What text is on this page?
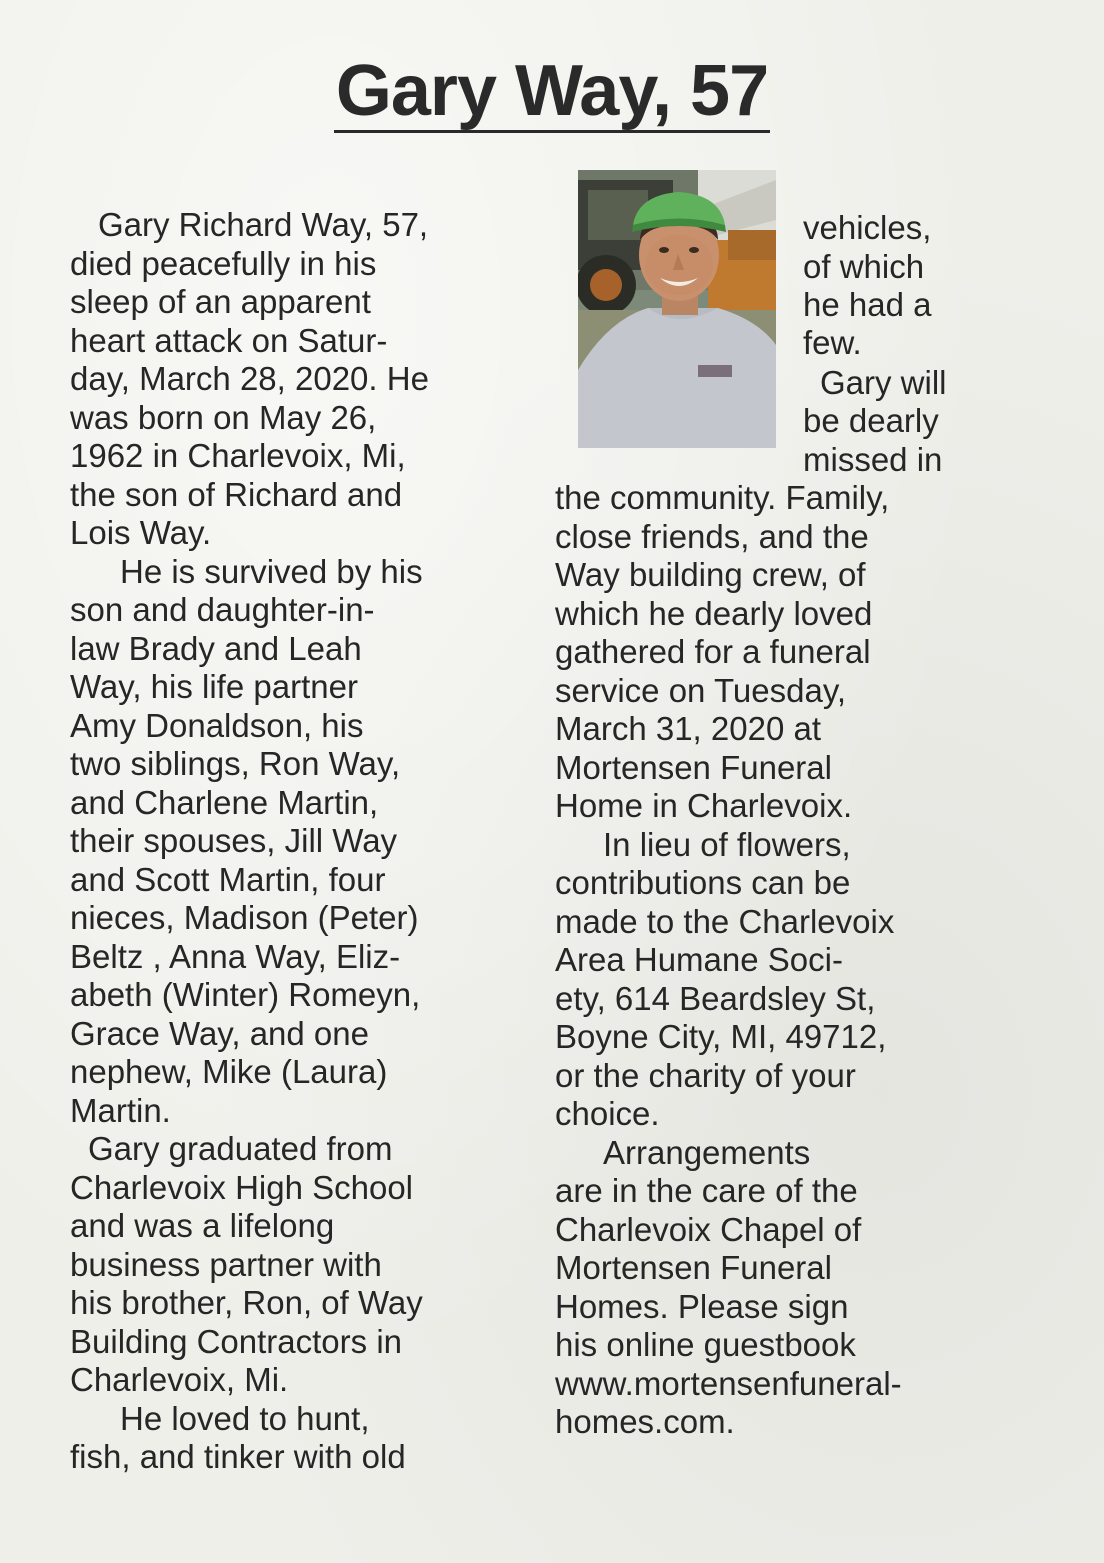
Gary Way, 57
Gary Richard Way, 57,
died peacefully in his
sleep of an apparent
heart attack on Satur-
day, March 28, 2020. He
was born on May 26,
1962 in Charlevoix, Mi,
the son of Richard and
Lois Way.
He is survived by his
son and daughter-in-
law Brady and Leah
Way, his life partner
Amy Donaldson, his
two siblings, Ron Way,
and Charlene Martin,
their spouses, Jill Way
and Scott Martin, four
nieces, Madison (Peter)
Beltz , Anna Way, Eliz-
abeth (Winter) Romeyn,
Grace Way, and one
nephew, Mike (Laura)
Martin.
Gary graduated from
Charlevoix High School
and was a lifelong
business partner with
his brother, Ron, of Way
Building Contractors in
Charlevoix, Mi.
He loved to hunt,
fish, and tinker with old
vehicles,
of which
he had a
few.
Gary will
be dearly
missed in
the community. Family,
close friends, and the
Way building crew, of
which he dearly loved
gathered for a funeral
service on Tuesday,
March 31, 2020 at
Mortensen Funeral
Home in Charlevoix.
In lieu of flowers,
contributions can be
made to the Charlevoix
Area Humane Soci-
ety, 614 Beardsley St,
Boyne City, MI, 49712,
or the charity of your
choice.
Arrangements
are in the care of the
Charlevoix Chapel of
Mortensen Funeral
Homes. Please sign
his online guestbook
www.mortensenfuneral-
homes.com.
